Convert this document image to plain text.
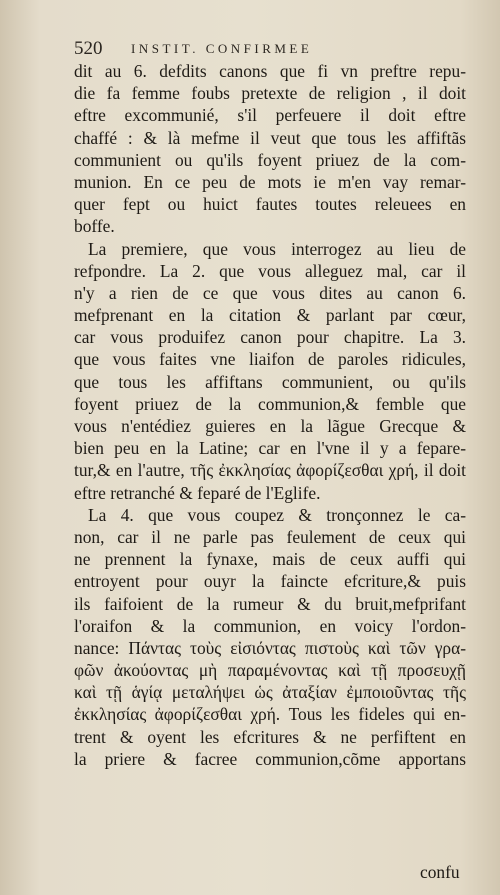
520 INSTIT. CONFIRMEE
dit au 6. defdits canons que fi vn preftre repu-
die fa femme foubs pretexte de religion , il doit
eftre excommunié, s'il perfeuere il doit eftre
chaffé : & là mefme il veut que tous les affiftãs
communient ou qu'ils foyent priuez de la com-
munion. En ce peu de mots ie m'en vay remar-
quer fept ou huict fautes toutes releuees en
boffe.
La premiere, que vous interrogez au lieu de
refpondre. La 2. que vous alleguez mal, car il
n'y a rien de ce que vous dites au canon 6.
mefprenant en la citation & parlant par cœur,
car vous produifez canon pour chapitre. La 3.
que vous faites vne liaifon de paroles ridicules,
que tous les affiftans communient, ou qu'ils
foyent priuez de la communion,& femble que
vous n'entédiez guieres en la lãgue Grecque &
bien peu en la Latine; car en l'vne il y a fepare-
tur,& en l'autre, τῆς ἐκκλησίας ἀφορίζεσθαι χρή, il doit
eftre retranché & feparé de l'Eglife.
La 4. que vous coupez & tronçonnez le ca-
non, car il ne parle pas feulement de ceux qui
ne prennent la fynaxe, mais de ceux auffi qui
entroyent pour ouyr la faincte efcriture,& puis
ils faifoient de la rumeur & du bruit,mefprifant
l'oraifon & la communion, en voicy l'ordon-
nance: Πάντας τοὺς εἰσιόντας πιστοὺς καὶ τῶν γρα-
φῶν ἀκούοντας μὴ παραμένοντας καὶ τῇ προσευχῇ
καὶ τῇ ἁγίᾳ μεταλήψει ὡς ἀταξίαν ἐμποιοῦντας τῆς
ἐκκλησίας ἀφορίζεσθαι χρή. Tous les fideles qui en-
trent & oyent les efcritures & ne perfiftent en
la priere & facree communion,cõme apportans
confu
